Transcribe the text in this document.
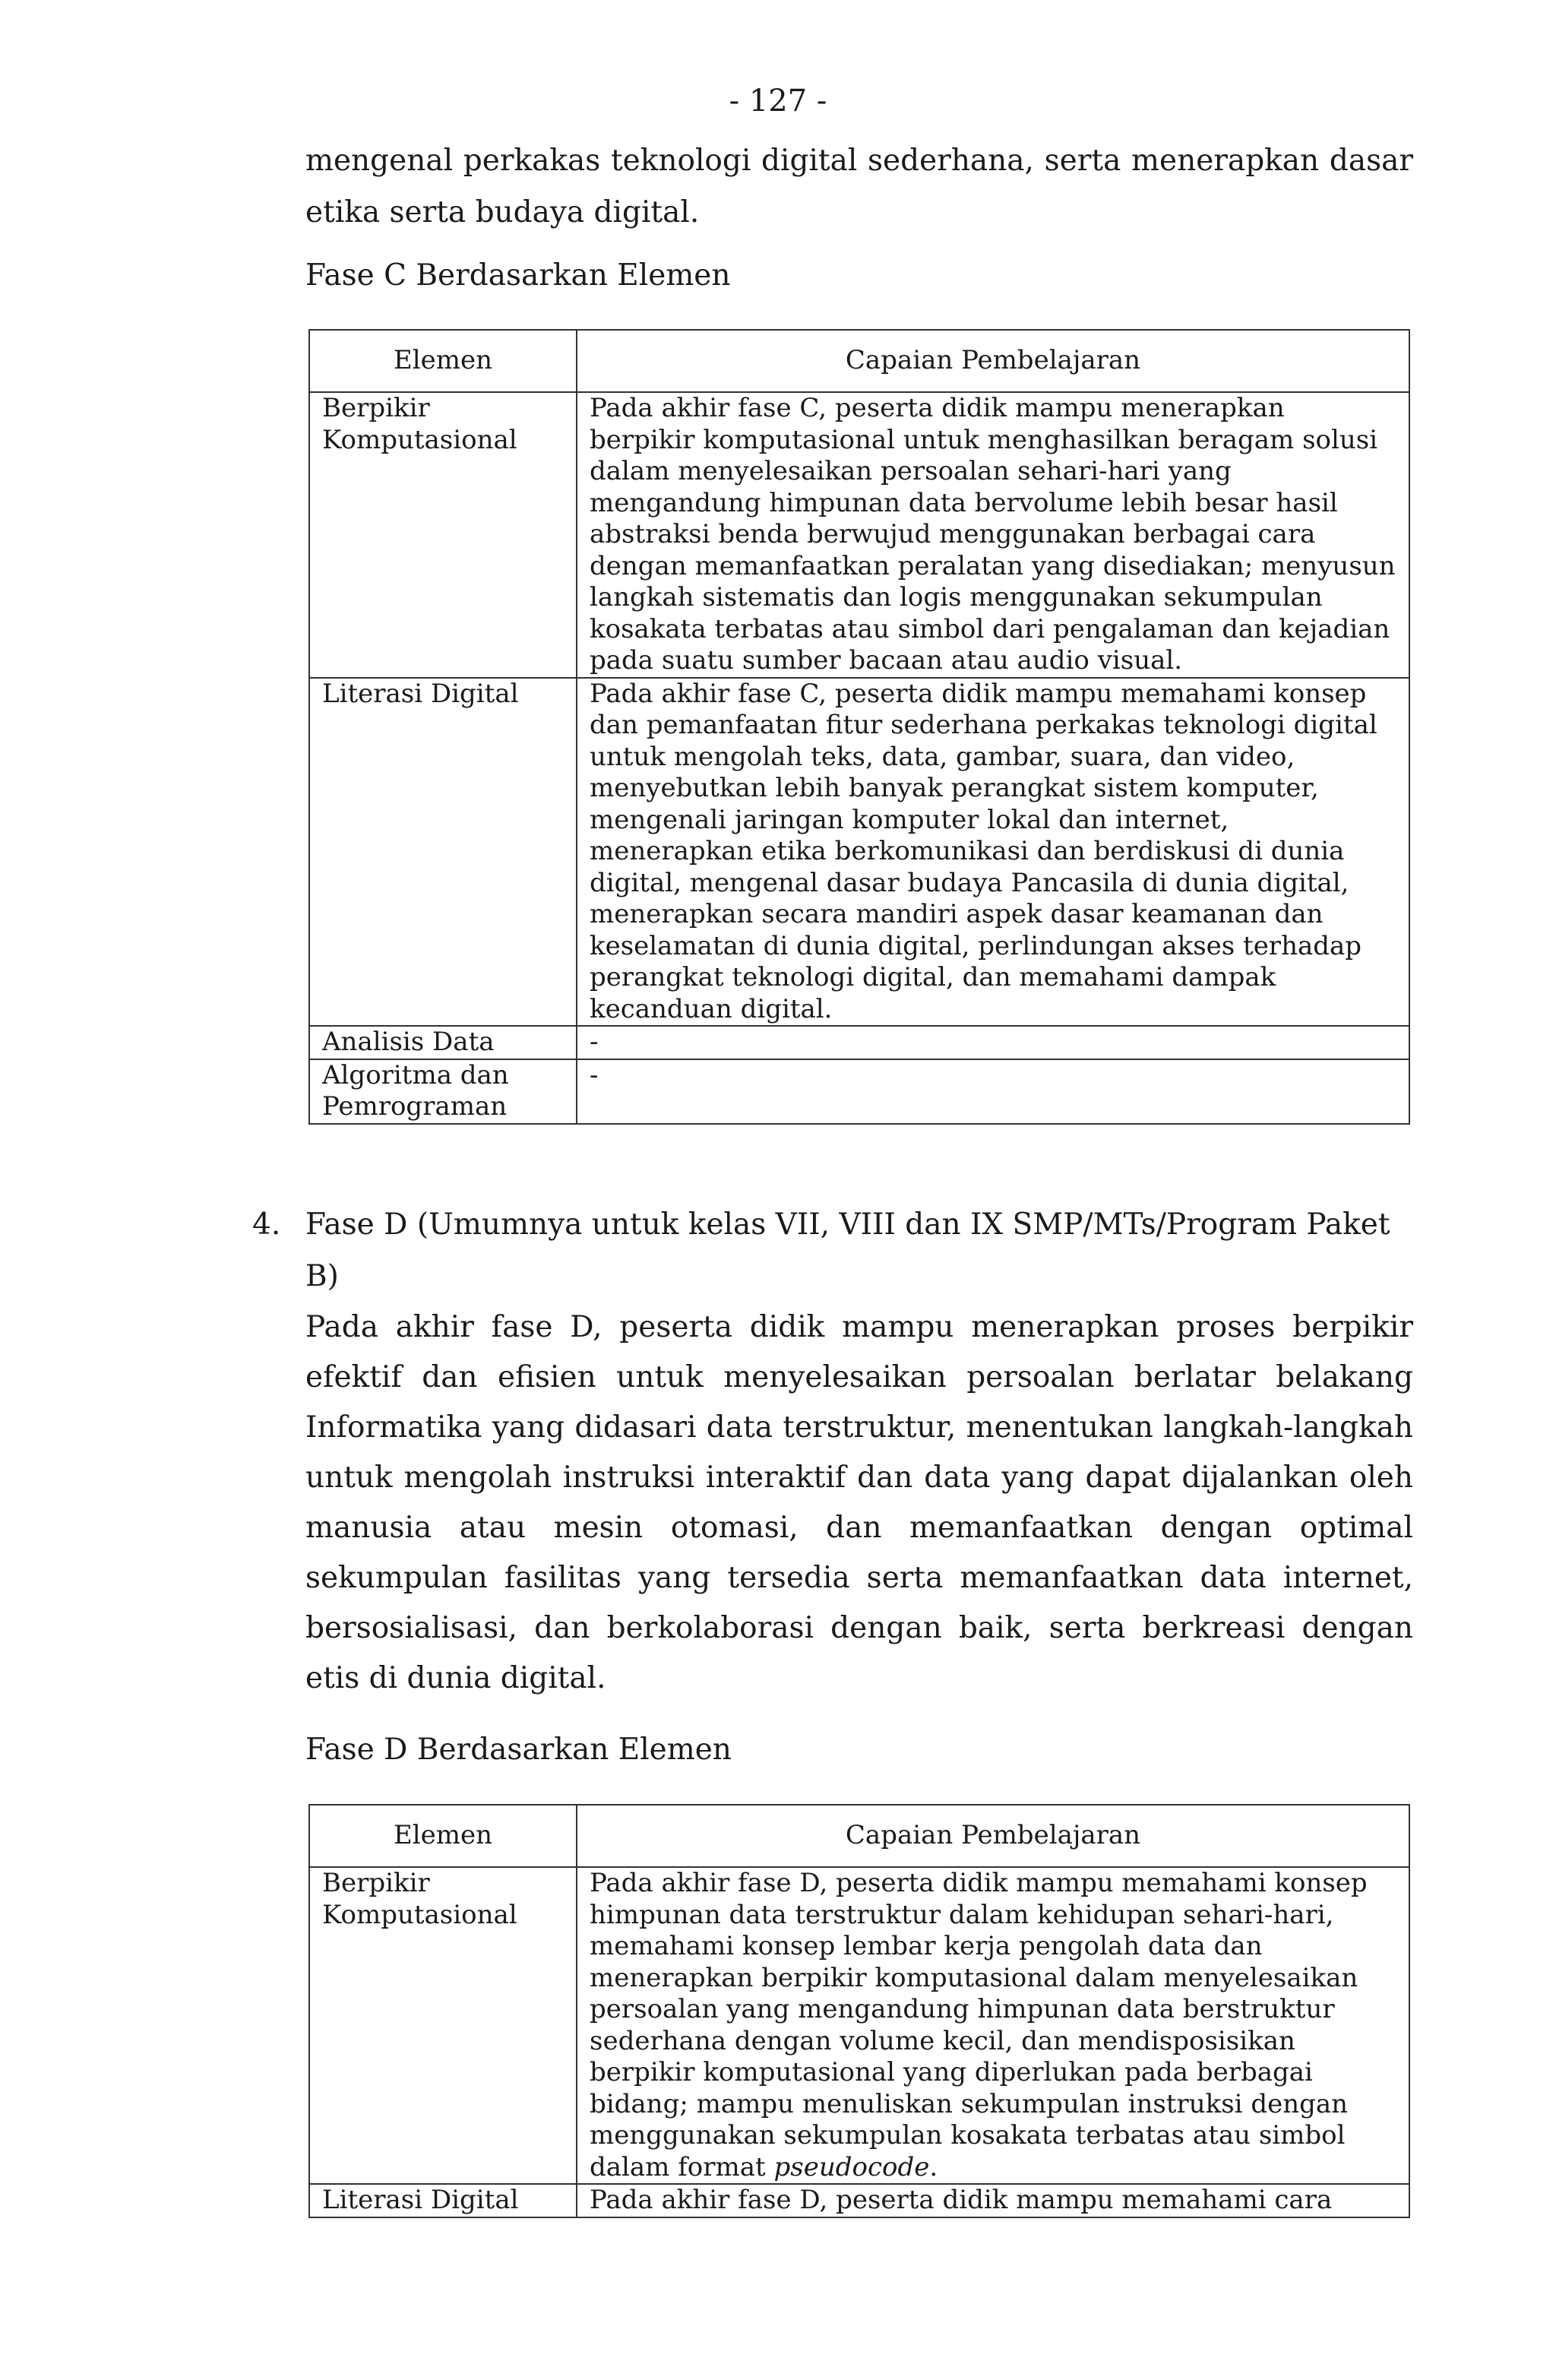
- 127 -
mengenal perkakas teknologi digital sederhana, serta menerapkan dasar etika serta budaya digital.
Fase C Berdasarkan Elemen
Elemen	Capaian Pembelajaran
Berpikir Komputasional	Pada akhir fase C, peserta didik mampu menerapkan berpikir komputasional untuk menghasilkan beragam solusi dalam menyelesaikan persoalan sehari-hari yang mengandung himpunan data bervolume lebih besar hasil abstraksi benda berwujud menggunakan berbagai cara dengan memanfaatkan peralatan yang disediakan; menyusun langkah sistematis dan logis menggunakan sekumpulan kosakata terbatas atau simbol dari pengalaman dan kejadian pada suatu sumber bacaan atau audio visual.
Literasi Digital	Pada akhir fase C, peserta didik mampu memahami konsep dan pemanfaatan fitur sederhana perkakas teknologi digital untuk mengolah teks, data, gambar, suara, dan video, menyebutkan lebih banyak perangkat sistem komputer, mengenali jaringan komputer lokal dan internet, menerapkan etika berkomunikasi dan berdiskusi di dunia digital, mengenal dasar budaya Pancasila di dunia digital, menerapkan secara mandiri aspek dasar keamanan dan keselamatan di dunia digital, perlindungan akses terhadap perangkat teknologi digital, dan memahami dampak kecanduan digital.
Analisis Data	-
Algoritma dan Pemrograman	-
4. Fase D (Umumnya untuk kelas VII, VIII dan IX SMP/MTs/Program Paket B)
Pada akhir fase D, peserta didik mampu menerapkan proses berpikir efektif dan efisien untuk menyelesaikan persoalan berlatar belakang Informatika yang didasari data terstruktur, menentukan langkah-langkah untuk mengolah instruksi interaktif dan data yang dapat dijalankan oleh manusia atau mesin otomasi, dan memanfaatkan dengan optimal sekumpulan fasilitas yang tersedia serta memanfaatkan data internet, bersosialisasi, dan berkolaborasi dengan baik, serta berkreasi dengan etis di dunia digital.
Fase D Berdasarkan Elemen
Elemen	Capaian Pembelajaran
Berpikir Komputasional	Pada akhir fase D, peserta didik mampu memahami konsep himpunan data terstruktur dalam kehidupan sehari-hari, memahami konsep lembar kerja pengolah data dan menerapkan berpikir komputasional dalam menyelesaikan persoalan yang mengandung himpunan data berstruktur sederhana dengan volume kecil, dan mendisposisikan berpikir komputasional yang diperlukan pada berbagai bidang; mampu menuliskan sekumpulan instruksi dengan menggunakan sekumpulan kosakata terbatas atau simbol dalam format pseudocode.
Literasi Digital	Pada akhir fase D, peserta didik mampu memahami cara
